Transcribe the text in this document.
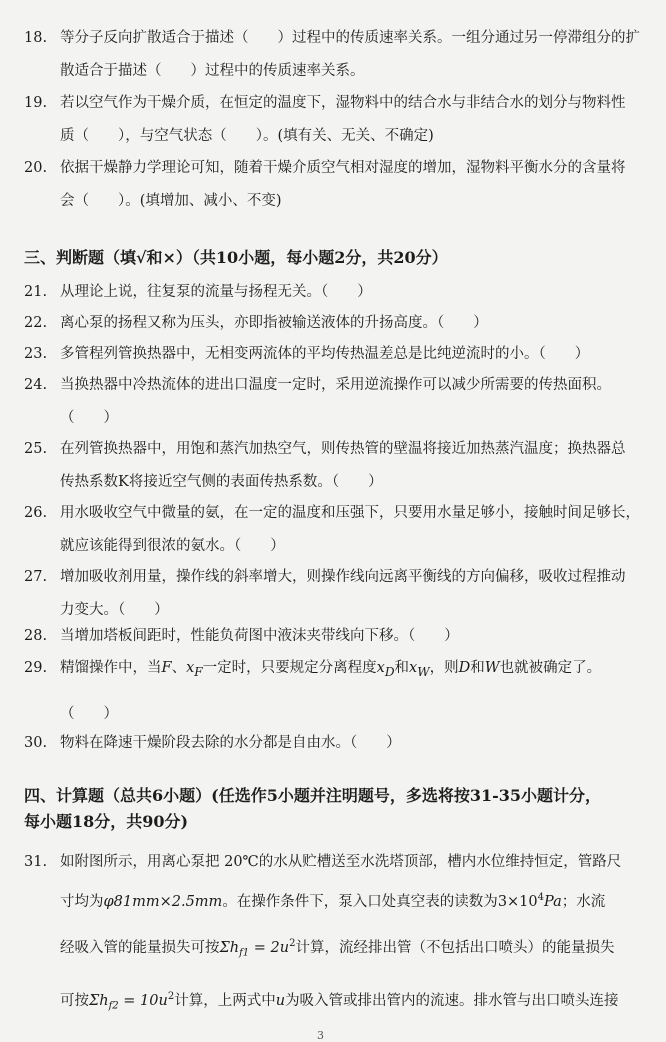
18. 等分子反向扩散适合于描述（　　）过程中的传质速率关系。一组分通过另一停滞组分的扩
散适合于描述（　　）过程中的传质速率关系。
19. 若以空气作为干燥介质，在恒定的温度下，湿物料中的结合水与非结合水的划分与物料性
质（　　），与空气状态（　　）。(填有关、无关、不确定)
20. 依据干燥静力学理论可知，随着干燥介质空气相对湿度的增加，湿物料平衡水分的含量将
会（　　）。(填增加、减小、不变)
三、判断题（填√和×）（共10小题，每小题2分，共20分）
21. 从理论上说，往复泵的流量与扬程无关。（　　）
22. 离心泵的扬程又称为压头，亦即指被输送液体的升扬高度。（　　）
23. 多管程列管换热器中，无相变两流体的平均传热温差总是比纯逆流时的小。（　　）
24. 当换热器中冷热流体的进出口温度一定时，采用逆流操作可以减少所需要的传热面积。
（　　）
25. 在列管换热器中，用饱和蒸汽加热空气，则传热管的壁温将接近加热蒸汽温度；换热器总
传热系数K将接近空气侧的表面传热系数。（　　）
26. 用水吸收空气中微量的氨，在一定的温度和压强下，只要用水量足够小，接触时间足够长，
就应该能得到很浓的氨水。（　　）
27. 增加吸收剂用量，操作线的斜率增大，则操作线向远离平衡线的方向偏移，吸收过程推动
力变大。（　　）
28. 当增加塔板间距时，性能负荷图中液沫夹带线向下移。（　　）
29. 精馏操作中，当F、$x_F$一定时，只要规定分离程度$x_D$和$x_W$，则D和W也就被确定了。
（　　）
30. 物料在降速干燥阶段去除的水分都是自由水。（　　）
四、计算题（总共6小题）(任选作5小题并注明题号，多选将按31-35小题计分，
每小题18分，共90分)
31. 如附图所示，用离心泵把 20℃的水从贮槽送至水洗塔顶部，槽内水位维持恒定，管路尺
寸均为φ81mm×2.5mm。在操作条件下，泵入口处真空表的读数为$3\times 10^4Pa$；水流
经吸入管的能量损失可按$\Sigma h_{f1} = 2u^2$计算，流经排出管（不包括出口喷头）的能量损失
可按$\Sigma h_{f2} = 10u^2$计算，上两式中u为吸入管或排出管内的流速。排水管与出口喷头连接
3
